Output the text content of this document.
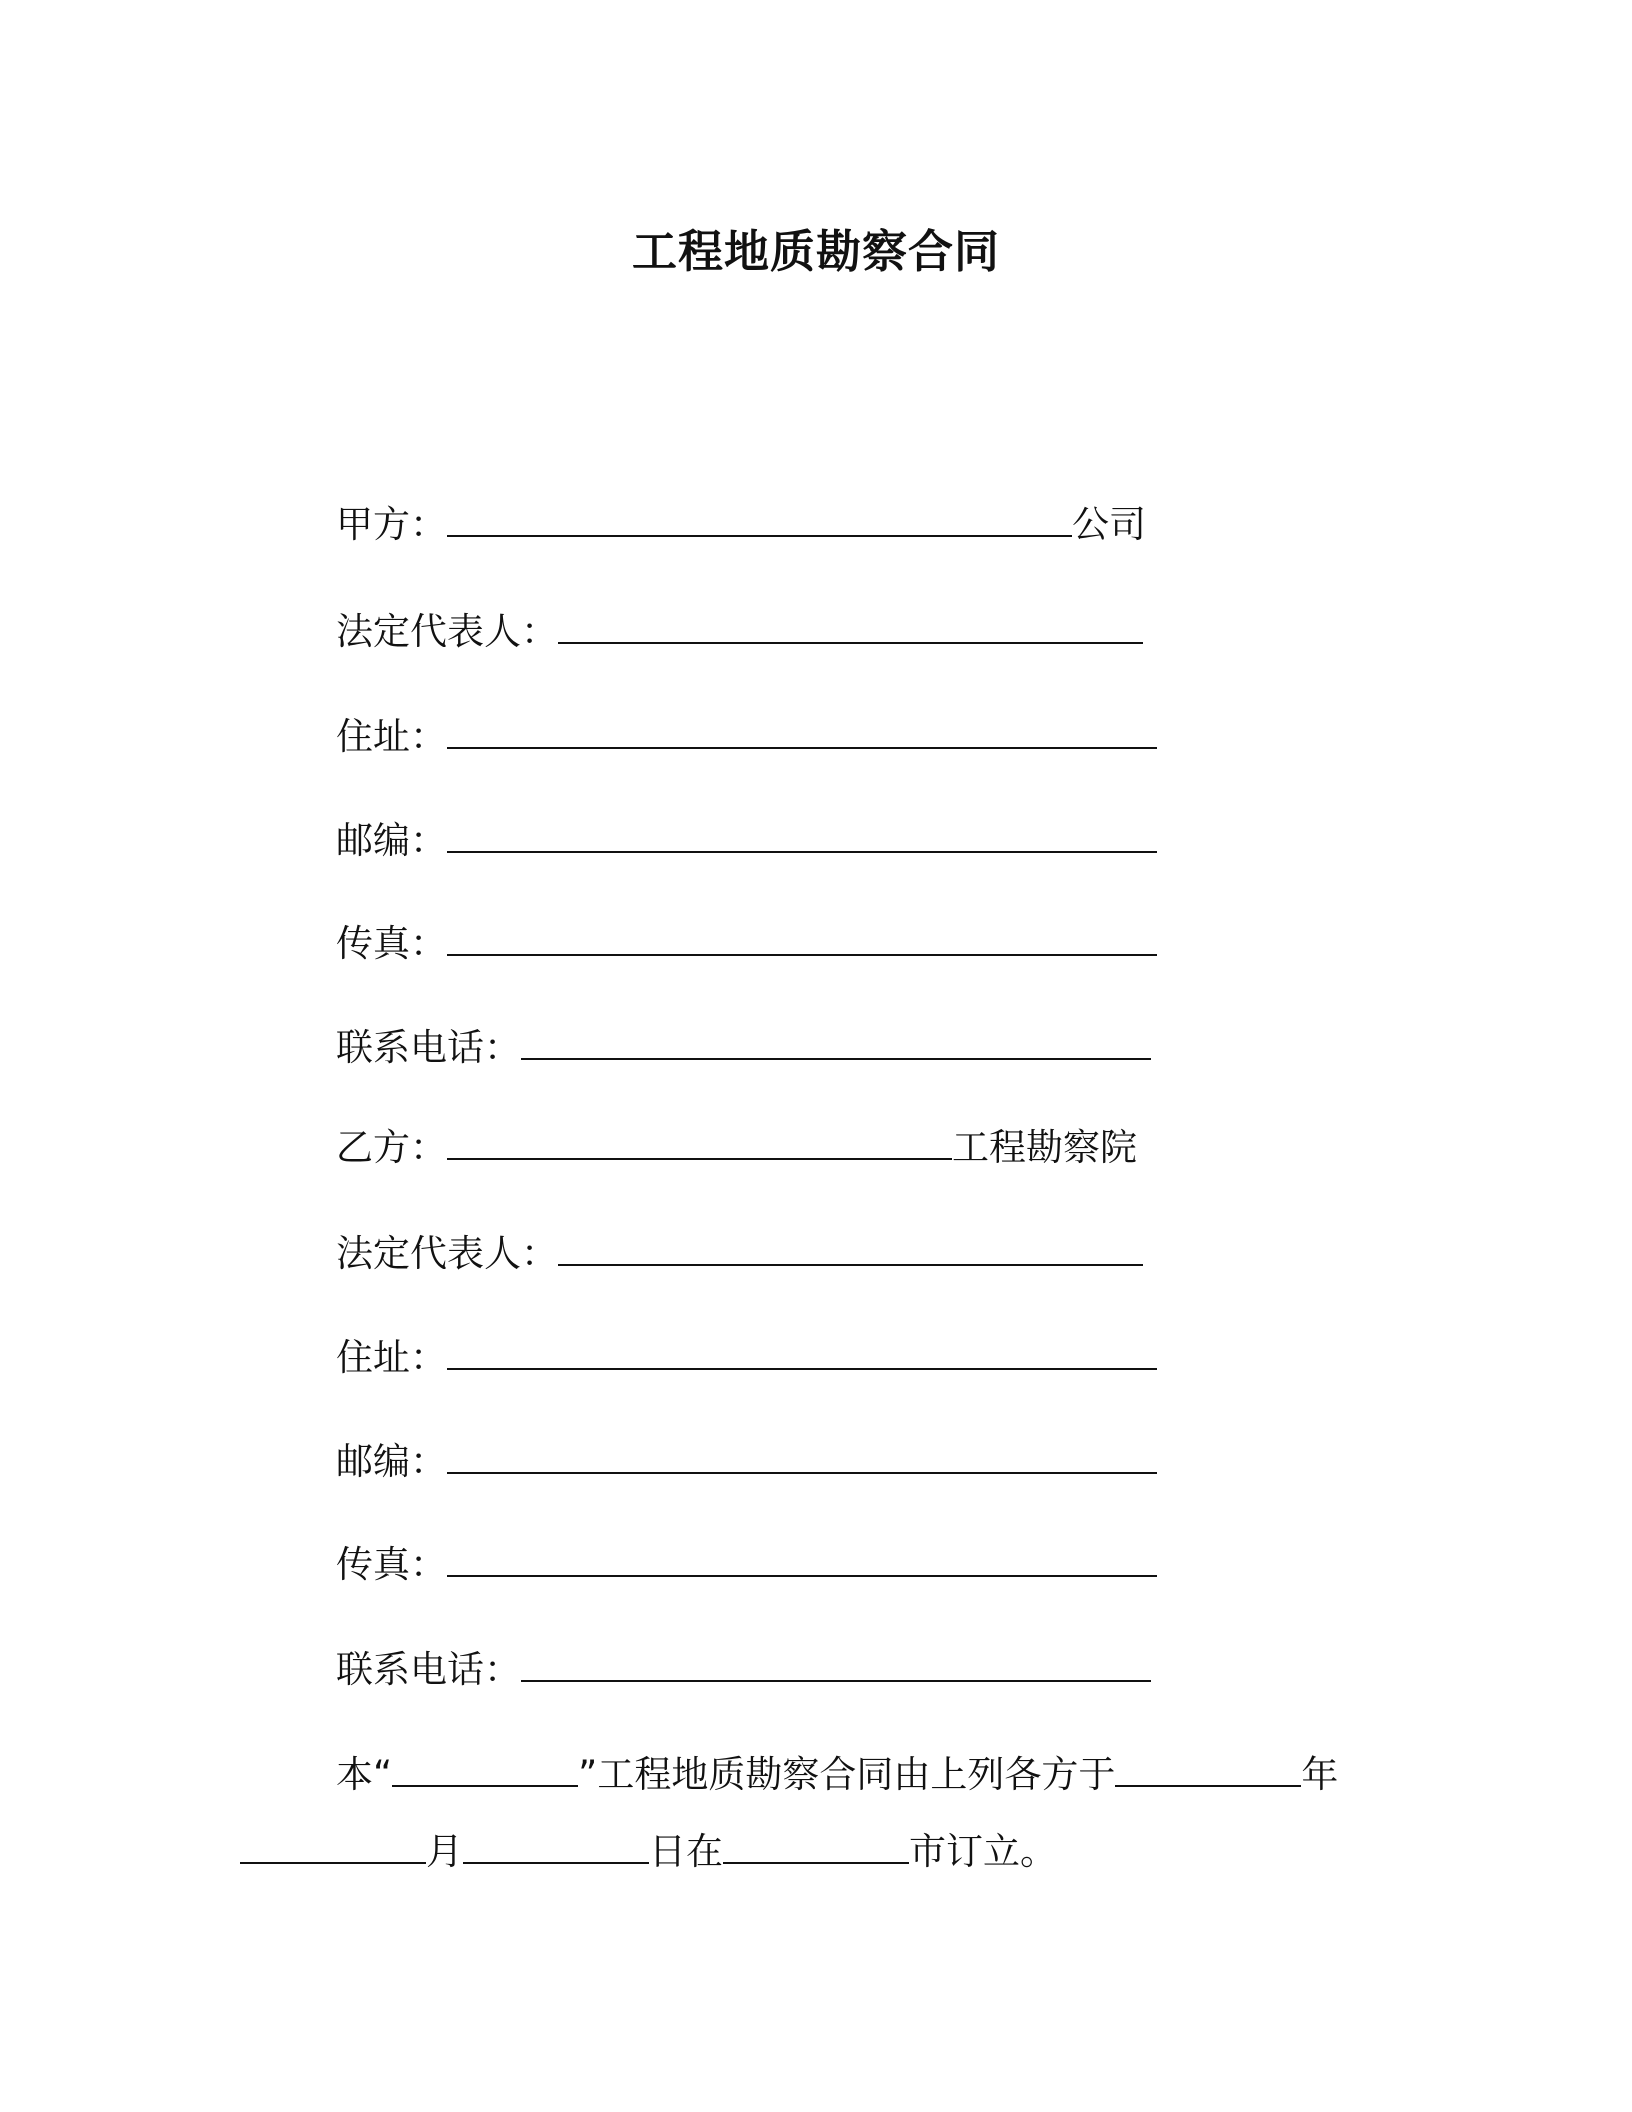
工程地质勘察合同
甲方：	公司
法定代表人：
住址：
邮编：
传真：
联系电话：
乙方：	工程勘察院
法定代表人：
住址：
邮编：
传真：
联系电话：
本“	”工程地质勘察合同由上列各方于	年
月	日在	市订立。
